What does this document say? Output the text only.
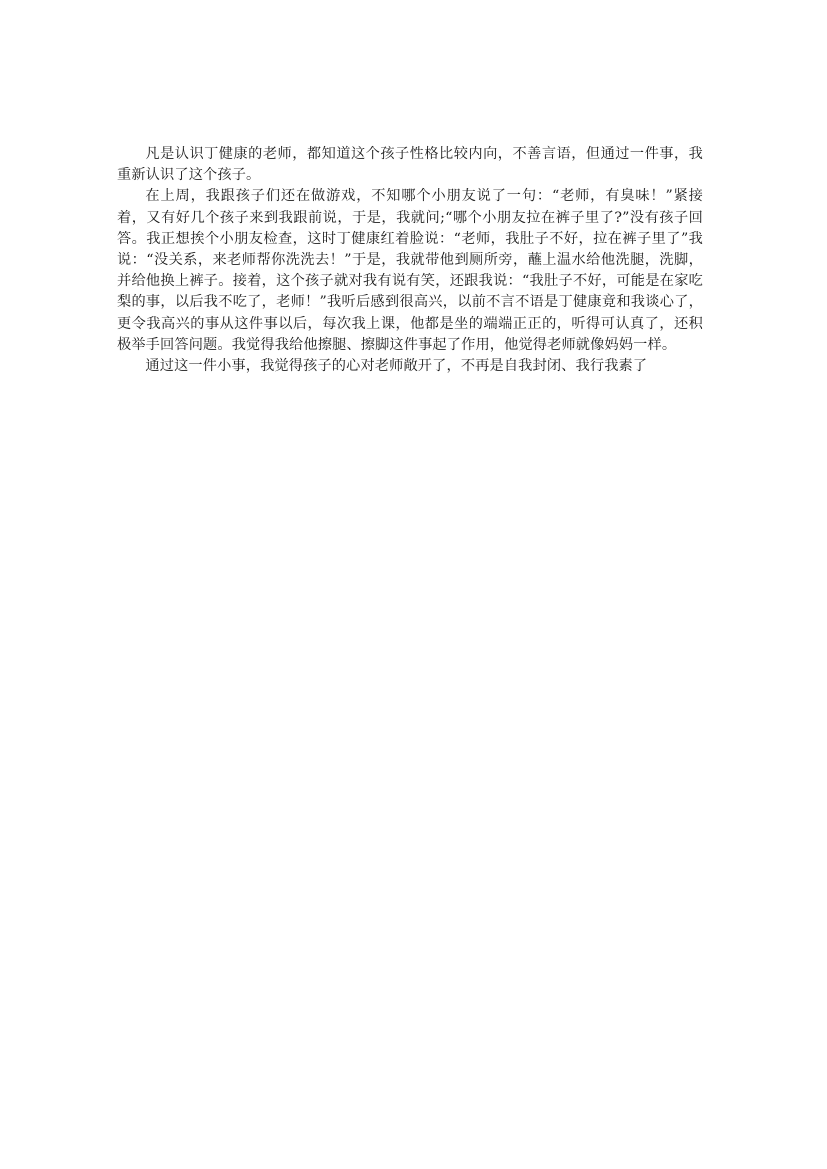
凡是认识丁健康的老师，都知道这个孩子性格比较内向，不善言语，但通过一件事，我重新认识了这个孩子。

在上周，我跟孩子们还在做游戏，不知哪个小朋友说了一句：“老师，有臭味！”紧接着，又有好几个孩子来到我跟前说，于是，我就问;“哪个小朋友拉在裤子里了?”没有孩子回答。我正想挨个小朋友检查，这时丁健康红着脸说：“老师，我肚子不好，拉在裤子里了”我说：“没关系，来老师帮你洗洗去！”于是，我就带他到厕所旁，蘸上温水给他洗腿，洗脚，并给他换上裤子。接着，这个孩子就对我有说有笑，还跟我说：“我肚子不好，可能是在家吃梨的事，以后我不吃了，老师！”我听后感到很高兴，以前不言不语是丁健康竟和我谈心了，更令我高兴的事从这件事以后，每次我上课，他都是坐的端端正正的，听得可认真了，还积极举手回答问题。我觉得我给他擦腿、擦脚这件事起了作用，他觉得老师就像妈妈一样。

通过这一件小事，我觉得孩子的心对老师敞开了，不再是自我封闭、我行我素了
